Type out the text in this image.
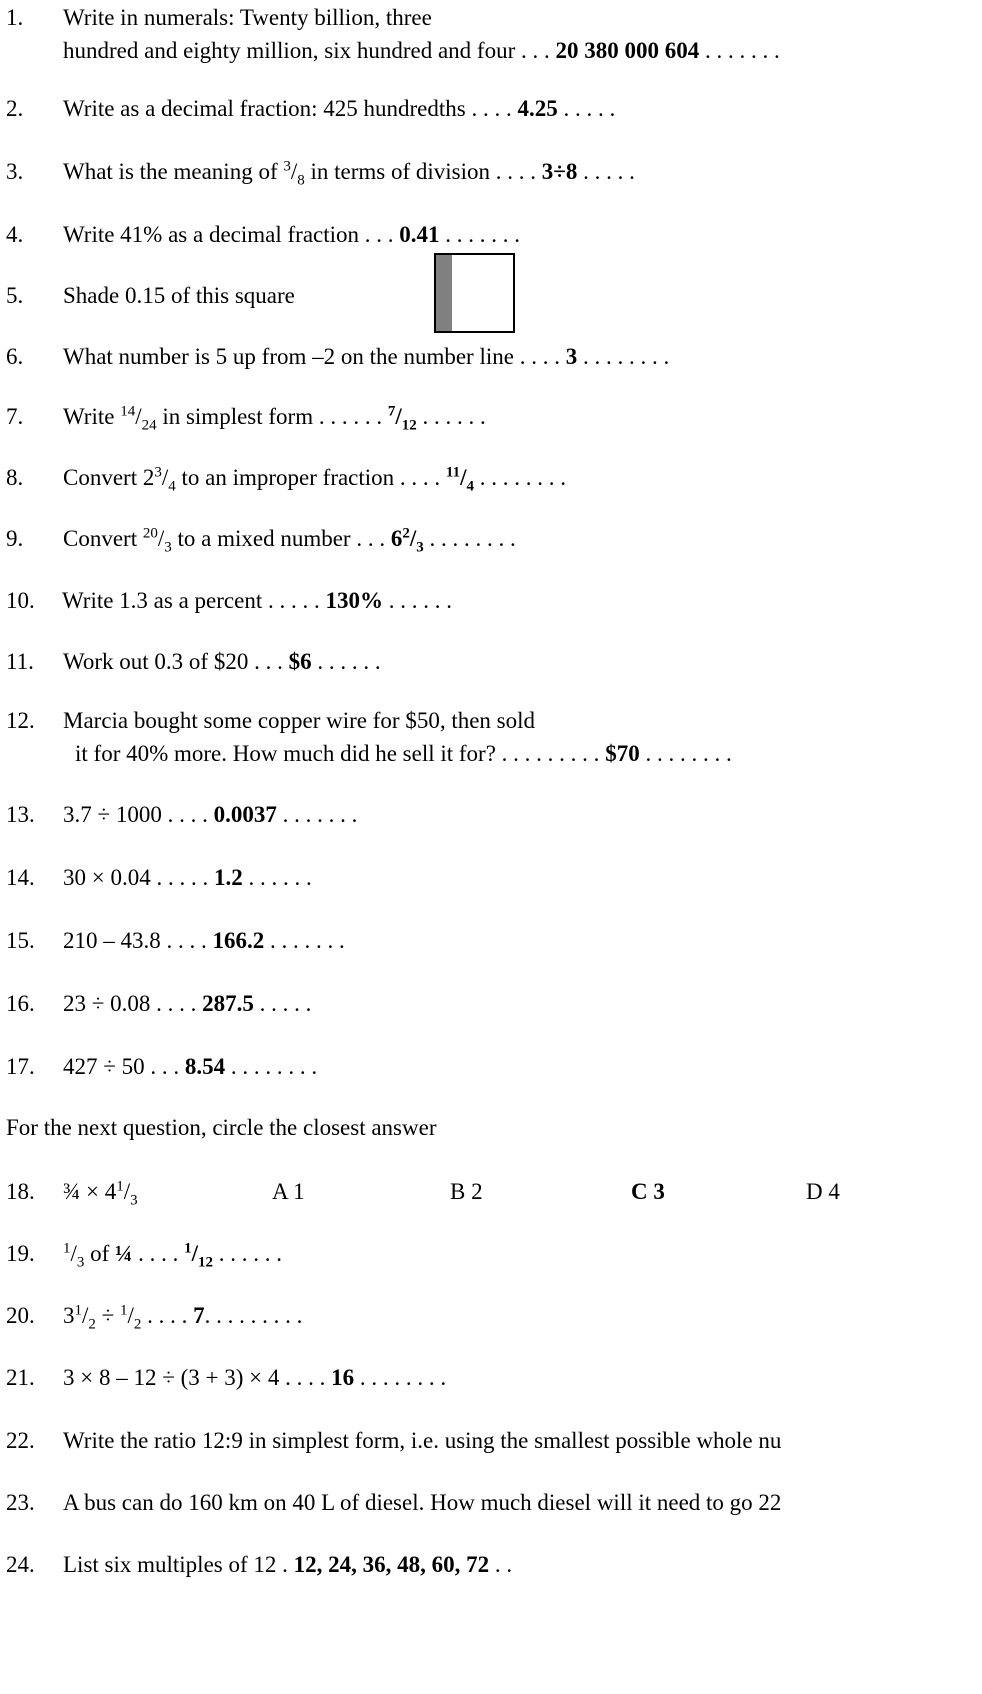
1. Write in numerals: Twenty billion, three
hundred and eighty million, six hundred and four . . . 20 380 000 604 . . . . . . .
2. Write as a decimal fraction: 425 hundredths . . . . 4.25 . . . . .
3. What is the meaning of $^3/_8$ in terms of division . . . . 3÷8 . . . . .
4. Write 41% as a decimal fraction . . . 0.41 . . . . . . .
5. Shade 0.15 of this square
6. What number is 5 up from –2 on the number line . . . . 3 . . . . . . . .
7. Write $^{14}/_{24}$ in simplest form . . . . . . $^7/_{12}$ . . . . . .
8. Convert $2^3/_4$ to an improper fraction . . . . $^{11}/_4$ . . . . . . . .
9. Convert $^{20}/_3$ to a mixed number . . . $6^2/_3$ . . . . . . . .
10. Write 1.3 as a percent . . . . . 130% . . . . . .
11. Work out 0.3 of $20 . . . $6 . . . . . .
12. Marcia bought some copper wire for $50, then sold
it for 40% more. How much did he sell it for? . . . . . . . . . $70 . . . . . . . .
13. 3.7 ÷ 1000 . . . . 0.0037 . . . . . . .
14. 30 × 0.04 . . . . . 1.2 . . . . . .
15. 210 – 43.8 . . . . 166.2 . . . . . . .
16. 23 ÷ 0.08 . . . . 287.5 . . . . .
17. 427 ÷ 50 . . . 8.54 . . . . . . . .
For the next question, circle the closest answer
18. ¾ × $4^1/_3$	A 1	B 2	C 3	D 4
19. $^1/_3$ of ¼ . . . . $^1/_{12}$ . . . . . .
20. $3^1/_2 \div ^1/_2$ . . . . 7. . . . . . . . .
21. 3 × 8 – 12 ÷ (3 + 3) × 4 . . . . 16 . . . . . . . .
22. Write the ratio 12:9 in simplest form, i.e. using the smallest possible whole nu
23. A bus can do 160 km on 40 L of diesel. How much diesel will it need to go 22
24. List six multiples of 12 . 12, 24, 36, 48, 60, 72 . .
